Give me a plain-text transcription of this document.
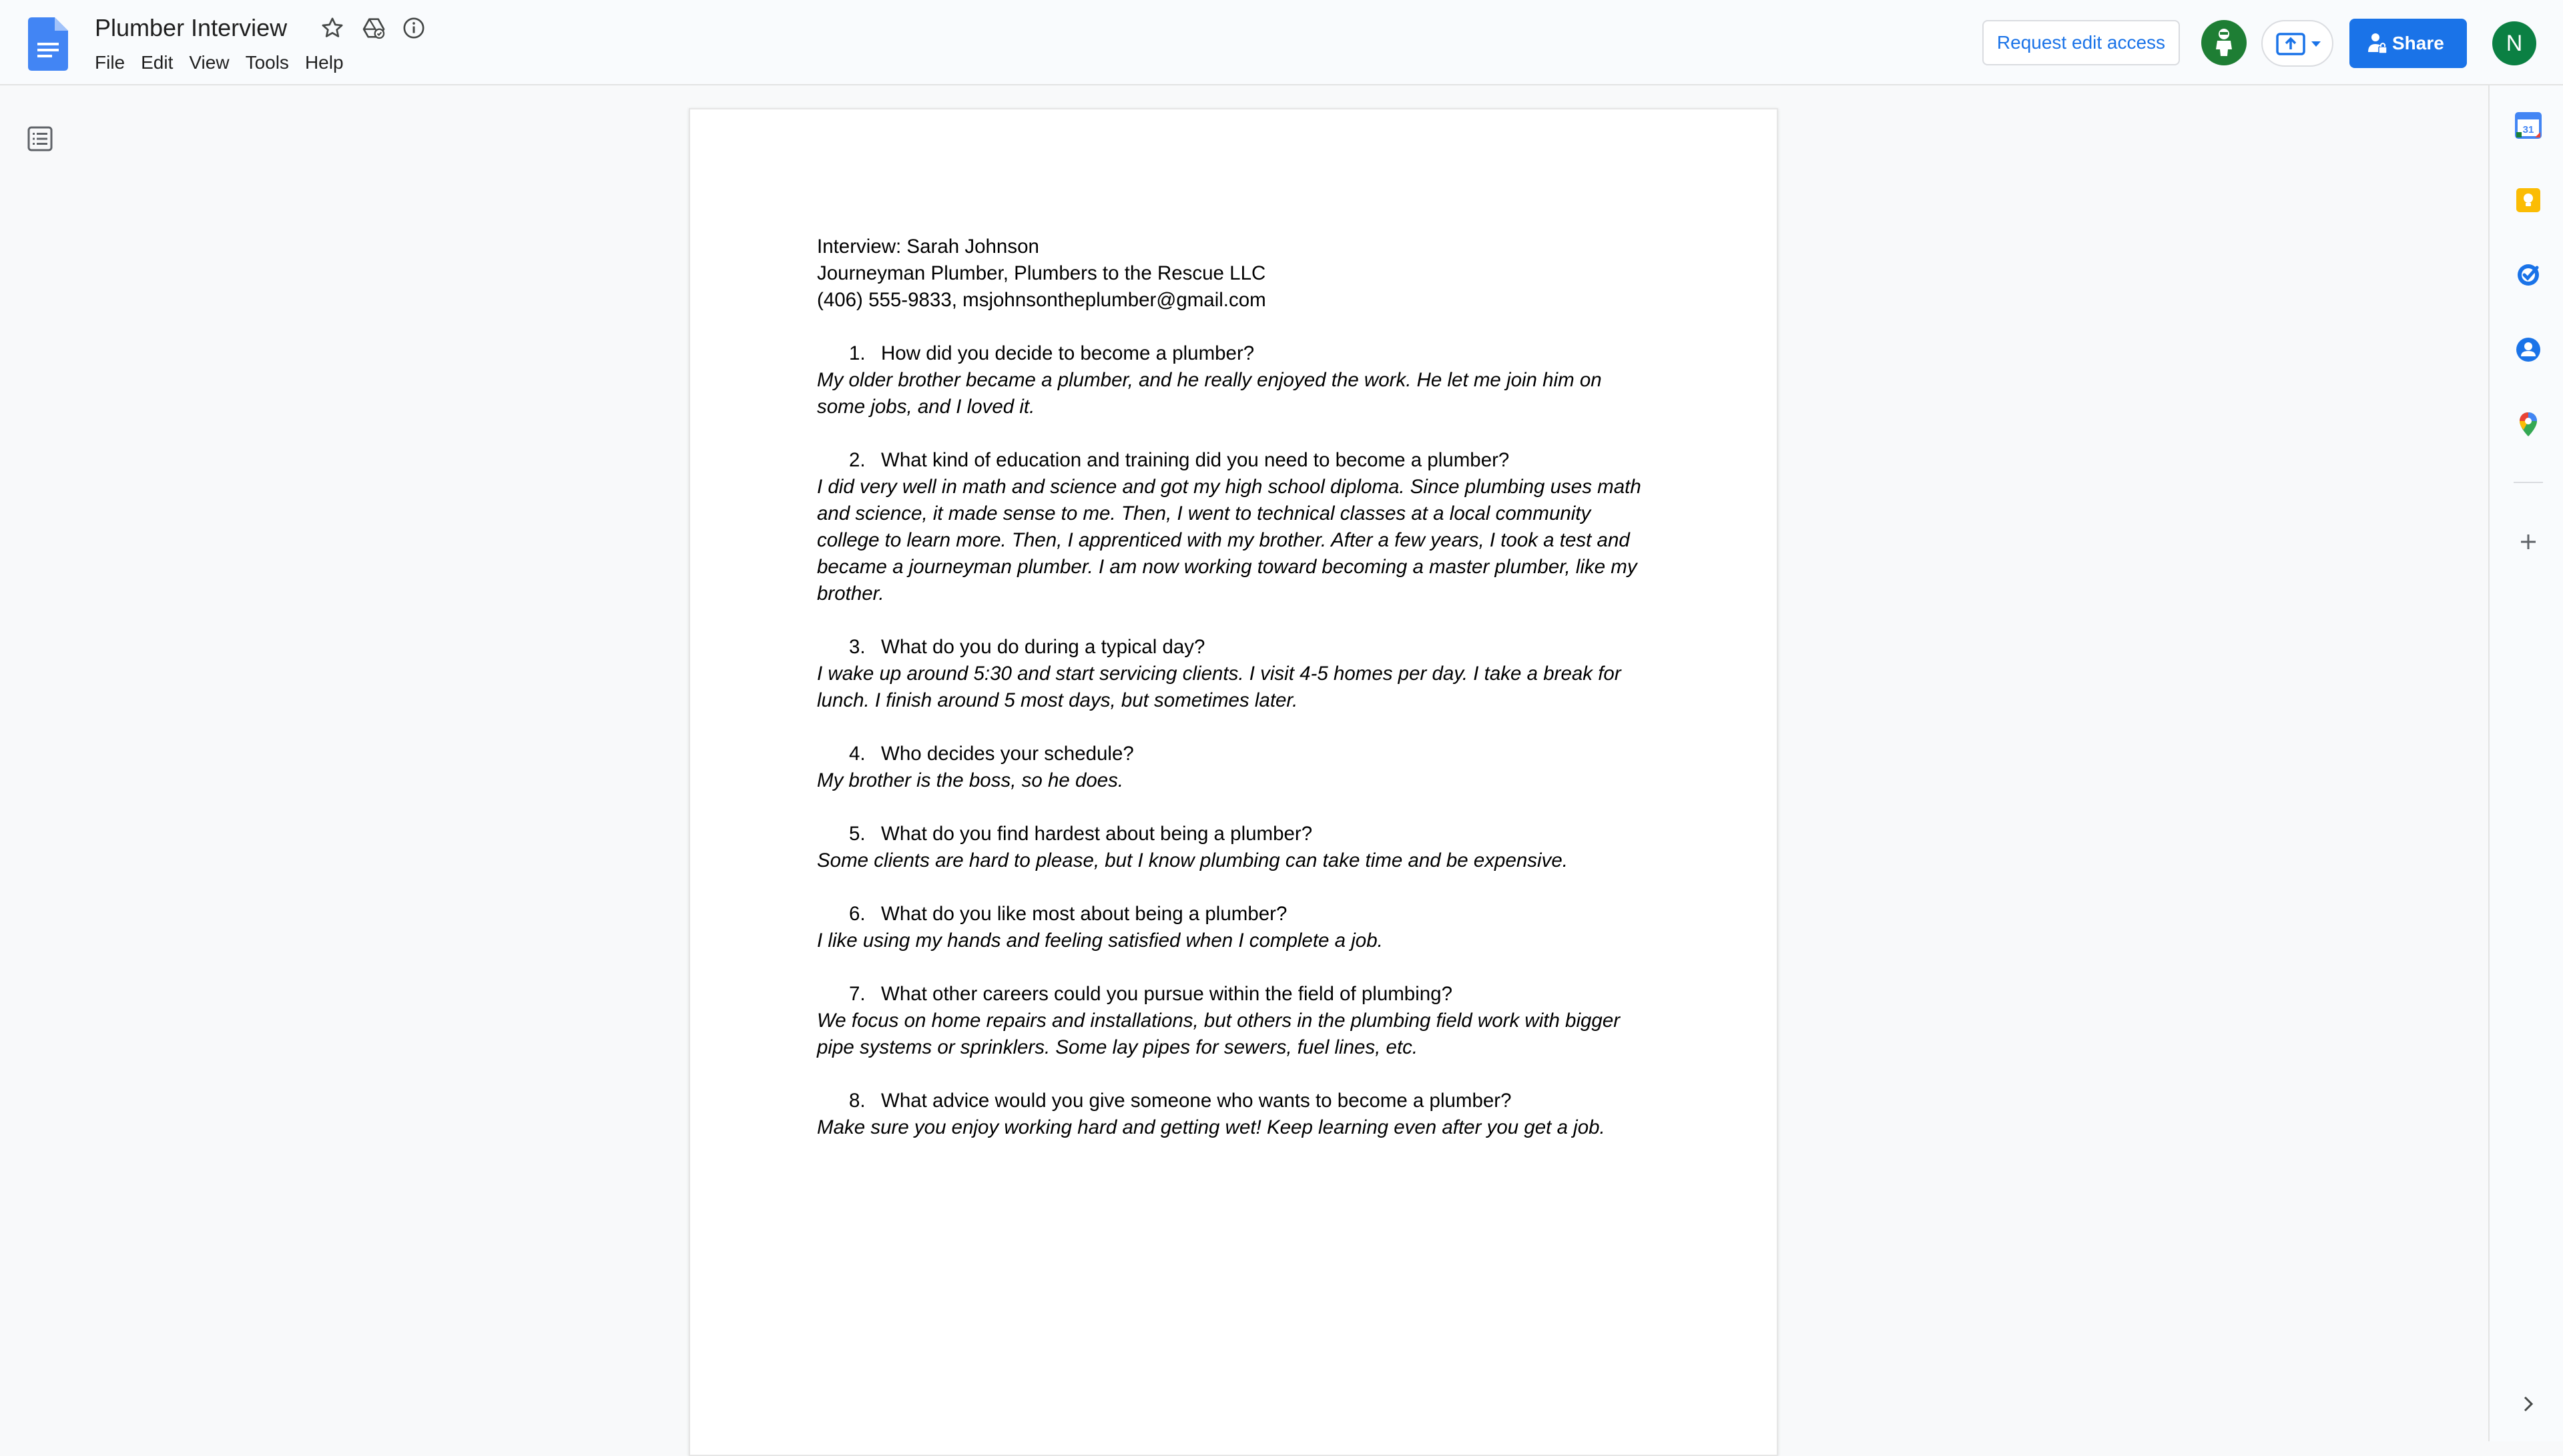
Plumber Interview
File Edit View Tools Help
Request edit access	Share	N
Interview: Sarah Johnson
Journeyman Plumber, Plumbers to the Rescue LLC
(406) 555-9833, msjohnsontheplumber@gmail.com
1. How did you decide to become a plumber?
My older brother became a plumber, and he really enjoyed the work. He let me join him on
some jobs, and I loved it.
2. What kind of education and training did you need to become a plumber?
I did very well in math and science and got my high school diploma. Since plumbing uses math
and science, it made sense to me. Then, I went to technical classes at a local community
college to learn more. Then, I apprenticed with my brother. After a few years, I took a test and
became a journeyman plumber. I am now working toward becoming a master plumber, like my
brother.
3. What do you do during a typical day?
I wake up around 5:30 and start servicing clients. I visit 4-5 homes per day. I take a break for
lunch. I finish around 5 most days, but sometimes later.
4. Who decides your schedule?
My brother is the boss, so he does.
5. What do you find hardest about being a plumber?
Some clients are hard to please, but I know plumbing can take time and be expensive.
6. What do you like most about being a plumber?
I like using my hands and feeling satisfied when I complete a job.
7. What other careers could you pursue within the field of plumbing?
We focus on home repairs and installations, but others in the plumbing field work with bigger
pipe systems or sprinklers. Some lay pipes for sewers, fuel lines, etc.
8. What advice would you give someone who wants to become a plumber?
Make sure you enjoy working hard and getting wet! Keep learning even after you get a job.
31
